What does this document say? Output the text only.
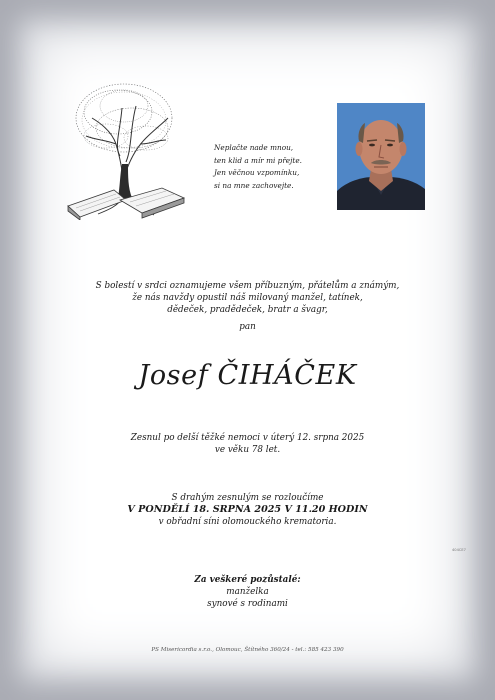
Neplačte nade mnou,
ten klid a mír mi přejte.
Jen věčnou vzpomínku,
si na mne zachovejte.
S bolestí v srdci oznamujeme všem příbuzným, přátelům a známým,
že nás navždy opustil náš milovaný manžel, tatínek,
dědeček, pradědeček, bratr a švagr,
pan
Josef ČIHÁČEK
Zesnul po delší těžké nemoci v úterý 12. srpna 2025
ve věku 78 let.
S drahým zesnulým se rozloučíme
V PONDĚLÍ 18. SRPNA 2025 V 11.20 HODIN
v obřadní síni olomouckého krematoria.
Za veškeré pozůstalé:
manželka
synové s rodinami
404CE7
PS Misericordia s.r.o., Olomouc, Štítného 360/24 - tel.: 585 423 390
